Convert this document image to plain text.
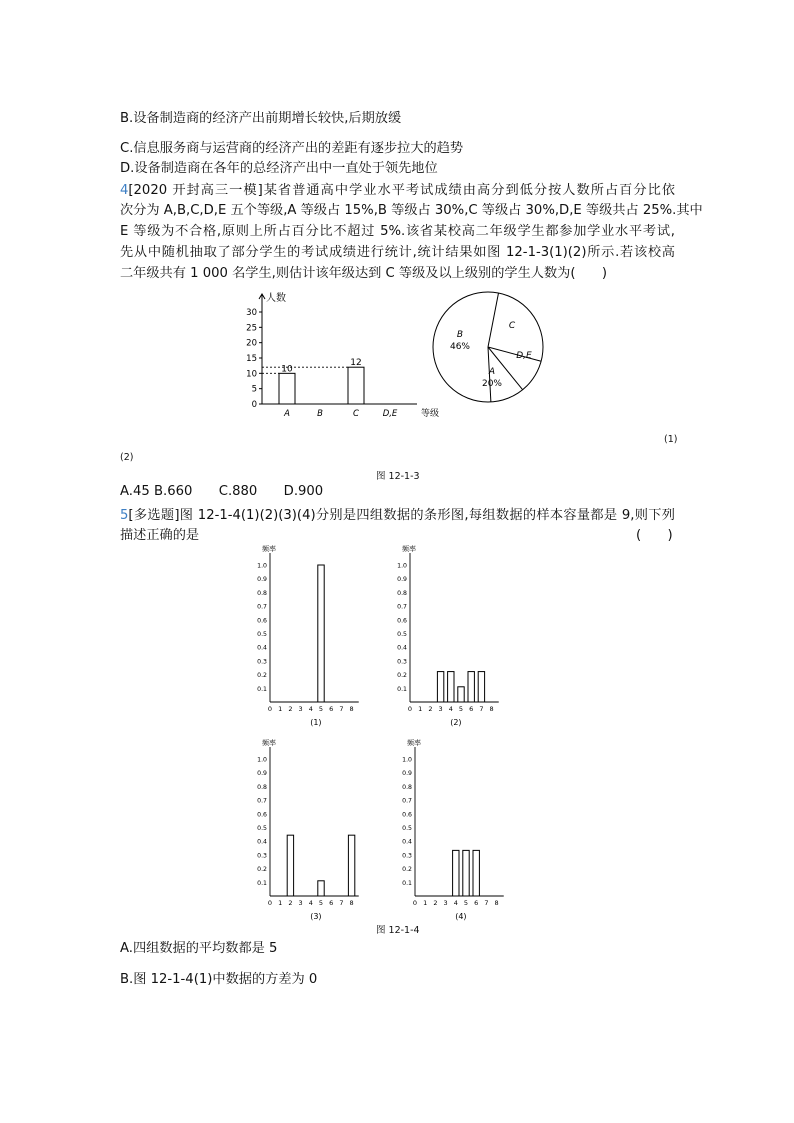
B.设备制造商的经济产出前期增长较快,后期放缓
C.信息服务商与运营商的经济产出的差距有逐步拉大的趋势
D.设备制造商在各年的总经济产出中一直处于领先地位
4[2020 开封高三一模]某省普通高中学业水平考试成绩由高分到低分按人数所占百分比依
次分为 A,B,C,D,E 五个等级,A 等级占 15%,B 等级占 30%,C 等级占 30%,D,E 等级共占 25%.其中
E 等级为不合格,原则上所占百分比不超过 5%.该省某校高二年级学生都参加学业水平考试,
先从中随机抽取了部分学生的考试成绩进行统计,统计结果如图 12-1-3(1)(2)所示.若该校高
二年级共有 1 000 名学生,则估计该年级达到 C 等级及以上级别的学生人数为(　　)
人数
等级
0
5
10
15
20
25
30
A
10
B	C
12
D,E
A
20%
B
46%
C
D,E
(1)
(2)
图 12-1-3
A.45 B.660　　C.880　　D.900
5[多选题]图 12-1-4(1)(2)(3)(4)分别是四组数据的条形图,每组数据的样本容量都是 9,则下列
描述正确的是	(　　)
频率
0.1
0.2
0.3
0.4
0.5
0.6
0.7
0.8
0.9
1.0
0 1 2 3 4 5 6 7 8
(1)
频率
0.1
0.2
0.3
0.4
0.5
0.6
0.7
0.8
0.9
1.0
0 1 2 3 4 5 6 7 8
(2)
频率
0.1
0.2
0.3
0.4
0.5
0.6
0.7
0.8
0.9
1.0
0 1 2 3 4 5 6 7 8
(3)
频率
0.1
0.2
0.3
0.4
0.5
0.6
0.7
0.8
0.9
1.0
0 1 2 3 4 5 6 7 8
(4)
图 12-1-4
A.四组数据的平均数都是 5
B.图 12-1-4(1)中数据的方差为 0
